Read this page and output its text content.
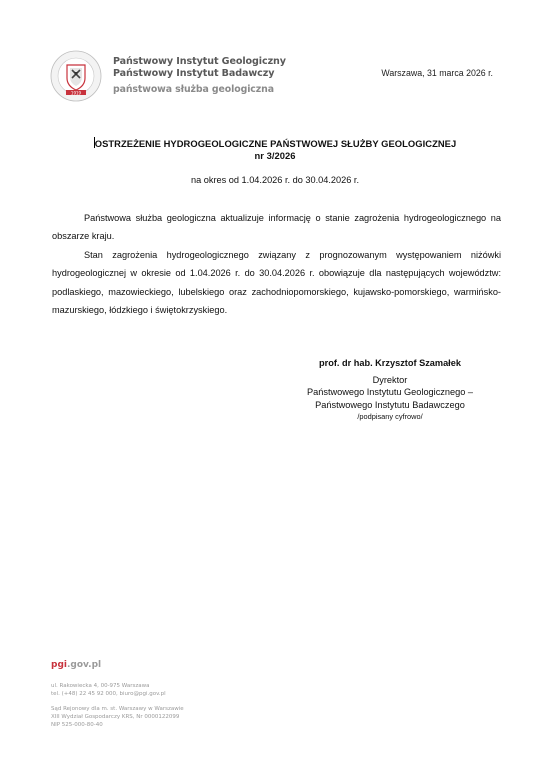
1919
Państwowy Instytut Geologiczny
Państwowy Instytut Badawczy
państwowa służba geologiczna
Warszawa, 31 marca 2026 r.
OSTRZEŻENIE HYDROGEOLOGICZNE PAŃSTWOWEJ SŁUŻBY GEOLOGICZNEJ
nr 3/2026
na okres od 1.04.2026 r. do 30.04.2026 r.
Państwowa służba geologiczna aktualizuje informację o stanie zagrożenia hydrogeologicznego na obszarze kraju.
Stan zagrożenia hydrogeologicznego związany z prognozowanym występowaniem niżówki hydrogeologicznej w okresie od 1.04.2026 r. do 30.04.2026 r. obowiązuje dla następujących województw: podlaskiego, mazowieckiego, lubelskiego oraz zachodniopomorskiego, kujawsko-pomorskiego, warmińsko-mazurskiego, łódzkiego i świętokrzyskiego.
prof. dr hab. Krzysztof Szamałek
Dyrektor
Państwowego Instytutu Geologicznego –
Państwowego Instytutu Badawczego
/podpisany cyfrowo/
pgi.gov.pl
ul. Rakowiecka 4, 00-975 Warszawa
tel. (+48) 22 45 92 000, biuro@pgi.gov.pl
Sąd Rejonowy dla m. st. Warszawy w Warszawie
XIII Wydział Gospodarczy KRS, Nr 0000122099
NIP 525-000-80-40
